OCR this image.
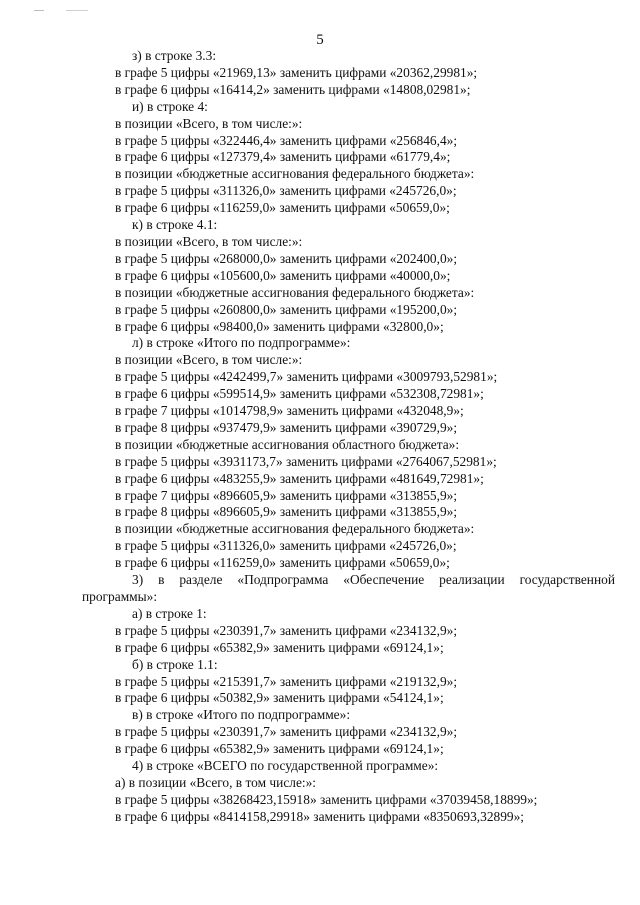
5
з) в строке 3.3:
в графе 5 цифры «21969,13» заменить цифрами «20362,29981»;
в графе 6 цифры «16414,2» заменить цифрами «14808,02981»;
и) в строке 4:
в позиции «Всего, в том числе:»:
в графе 5 цифры «322446,4» заменить цифрами «256846,4»;
в графе 6 цифры «127379,4» заменить цифрами «61779,4»;
в позиции «бюджетные ассигнования федерального бюджета»:
в графе 5 цифры «311326,0» заменить цифрами «245726,0»;
в графе 6 цифры «116259,0» заменить цифрами «50659,0»;
к) в строке 4.1:
в позиции «Всего, в том числе:»:
в графе 5 цифры «268000,0» заменить цифрами «202400,0»;
в графе 6 цифры «105600,0» заменить цифрами «40000,0»;
в позиции «бюджетные ассигнования федерального бюджета»:
в графе 5 цифры «260800,0» заменить цифрами «195200,0»;
в графе 6 цифры «98400,0» заменить цифрами «32800,0»;
л) в строке «Итого по подпрограмме»:
в позиции «Всего, в том числе:»:
в графе 5 цифры «4242499,7» заменить цифрами «3009793,52981»;
в графе 6 цифры «599514,9» заменить цифрами «532308,72981»;
в графе 7 цифры «1014798,9» заменить цифрами «432048,9»;
в графе 8 цифры «937479,9» заменить цифрами «390729,9»;
в позиции «бюджетные ассигнования областного бюджета»:
в графе 5 цифры «3931173,7» заменить цифрами «2764067,52981»;
в графе 6 цифры «483255,9» заменить цифрами «481649,72981»;
в графе 7 цифры «896605,9» заменить цифрами «313855,9»;
в графе 8 цифры «896605,9» заменить цифрами «313855,9»;
в позиции «бюджетные ассигнования федерального бюджета»:
в графе 5 цифры «311326,0» заменить цифрами «245726,0»;
в графе 6 цифры «116259,0» заменить цифрами «50659,0»;
3) в разделе «Подпрограмма «Обеспечение реализации государственной
программы»:
а) в строке 1:
в графе 5 цифры «230391,7» заменить цифрами «234132,9»;
в графе 6 цифры «65382,9» заменить цифрами «69124,1»;
б) в строке 1.1:
в графе 5 цифры «215391,7» заменить цифрами «219132,9»;
в графе 6 цифры «50382,9» заменить цифрами «54124,1»;
в) в строке «Итого по подпрограмме»:
в графе 5 цифры «230391,7» заменить цифрами «234132,9»;
в графе 6 цифры «65382,9» заменить цифрами «69124,1»;
4) в строке «ВСЕГО по государственной программе»:
а) в позиции «Всего, в том числе:»:
в графе 5 цифры «38268423,15918» заменить цифрами «37039458,18899»;
в графе 6 цифры «8414158,29918» заменить цифрами «8350693,32899»;
